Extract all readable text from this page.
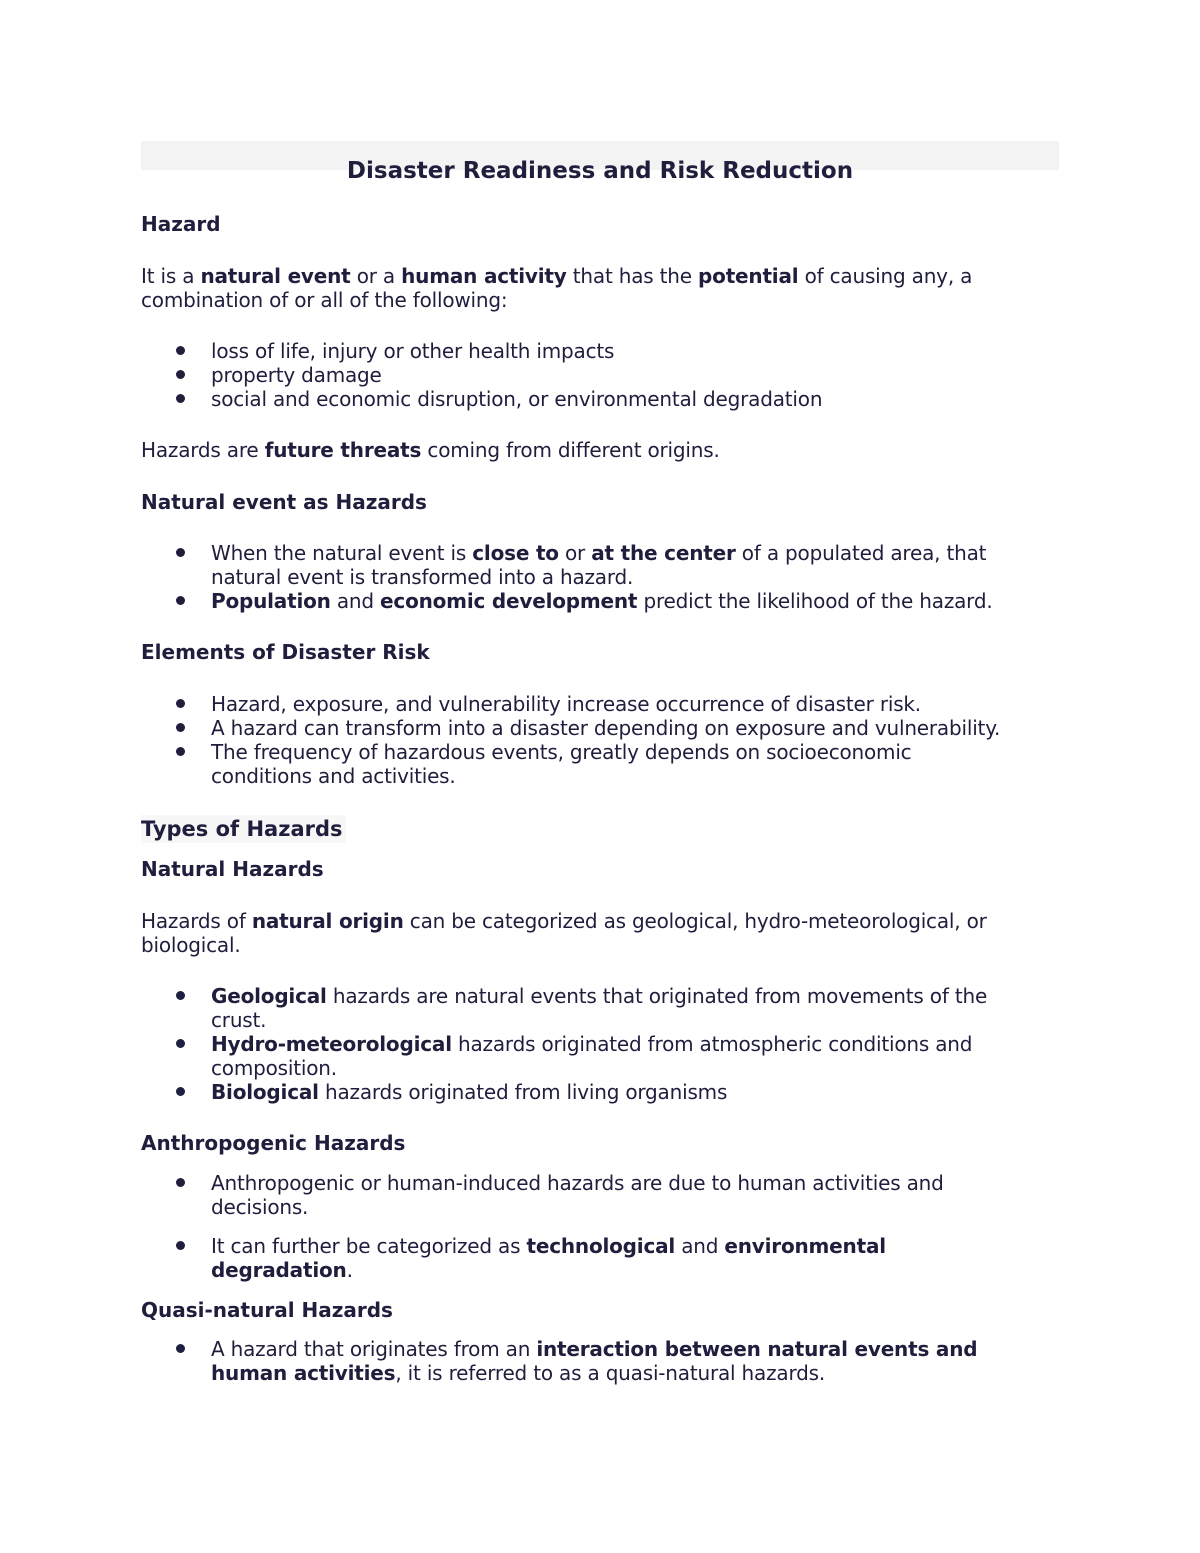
Disaster Readiness and Risk Reduction
Hazard
It is a natural event or a human activity that has the potential of causing any, a
combination of or all of the following:
loss of life, injury or other health impacts
property damage
social and economic disruption, or environmental degradation
Hazards are future threats coming from different origins.
Natural event as Hazards
When the natural event is close to or at the center of a populated area, that
natural event is transformed into a hazard.
Population and economic development predict the likelihood of the hazard.
Elements of Disaster Risk
Hazard, exposure, and vulnerability increase occurrence of disaster risk.
A hazard can transform into a disaster depending on exposure and vulnerability.
The frequency of hazardous events, greatly depends on socioeconomic
conditions and activities.
Types of Hazards
Natural Hazards
Hazards of natural origin can be categorized as geological, hydro-meteorological, or
biological.
Geological hazards are natural events that originated from movements of the
crust.
Hydro-meteorological hazards originated from atmospheric conditions and
composition.
Biological hazards originated from living organisms
Anthropogenic Hazards
Anthropogenic or human-induced hazards are due to human activities and
decisions.
It can further be categorized as technological and environmental
degradation.
Quasi-natural Hazards
A hazard that originates from an interaction between natural events and
human activities, it is referred to as a quasi-natural hazards.
